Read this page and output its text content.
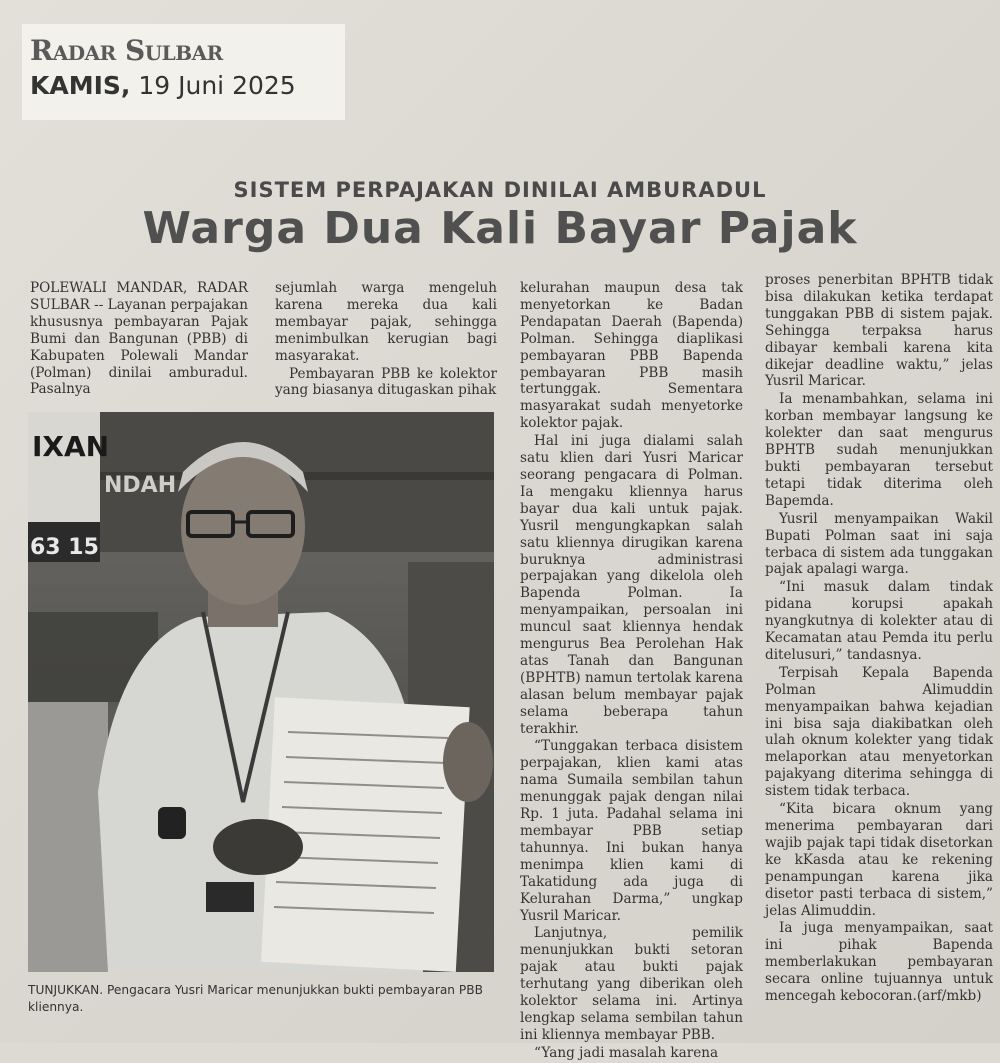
Radar Sulbar
KAMIS, 19 Juni 2025
SISTEM PERPAJAKAN DINILAI AMBURADUL
Warga Dua Kali Bayar Pajak

POLEWALI MANDAR, RADAR SULBAR -- Layanan perpajakan khususnya pembayaran Pajak Bumi dan Bangunan (PBB) di Kabupaten Polewali Mandar (Polman) dinilai amburadul. Pasalnya

sejumlah warga mengeluh karena mereka dua kali membayar pajak, sehingga menimbulkan kerugian bagi masyarakat.

Pembayaran PBB ke kolektor yang biasanya ditugaskan pihak

kelurahan maupun desa tak menyetorkan ke Badan Pendapatan Daerah (Bapenda) Polman. Sehingga diaplikasi pembayaran PBB Bapenda pembayaran PBB masih tertunggak. Sementara masyarakat sudah menyetorke kolektor pajak.

Hal ini juga dialami salah satu klien dari Yusri Maricar seorang pengacara di Polman. Ia mengaku kliennya harus bayar dua kali untuk pajak. Yusril mengungkapkan salah satu kliennya dirugikan karena buruknya administrasi perpajakan yang dikelola oleh Bapenda Polman. Ia menyampaikan, persoalan ini muncul saat kliennya hendak mengurus Bea Perolehan Hak atas Tanah dan Bangunan (BPHTB) namun tertolak karena alasan belum membayar pajak selama beberapa tahun terakhir.

“Tunggakan terbaca disistem perpajakan, klien kami atas nama Sumaila sembilan tahun menunggak pajak dengan nilai Rp. 1 juta. Padahal selama ini membayar PBB setiap tahunnya. Ini bukan hanya menimpa klien kami di Takatidung ada juga di Kelurahan Darma,” ungkap Yusril Maricar.

Lanjutnya, pemilik menunjukkan bukti setoran pajak atau bukti pajak terhutang yang diberikan oleh kolektor selama ini. Artinya lengkap selama sembilan tahun ini kliennya membayar PBB.

“Yang jadi masalah karena

proses penerbitan BPHTB tidak bisa dilakukan ketika terdapat tunggakan PBB di sistem pajak. Sehingga terpaksa harus dibayar kembali karena kita dikejar deadline waktu,” jelas Yusril Maricar.

Ia menambahkan, selama ini korban membayar langsung ke kolekter dan saat mengurus BPHTB sudah menunjukkan bukti pembayaran tersebut tetapi tidak diterima oleh Bapemda.

Yusril menyampaikan Wakil Bupati Polman saat ini saja terbaca di sistem ada tunggakan pajak apalagi warga.

“Ini masuk dalam tindak pidana korupsi apakah nyangkutnya di kolekter atau di Kecamatan atau Pemda itu perlu ditelusuri,” tandasnya.

Terpisah Kepala Bapenda Polman Alimuddin menyampaikan bahwa kejadian ini bisa saja diakibatkan oleh ulah oknum kolekter yang tidak melaporkan atau menyetorkan pajakyang diterima sehingga di sistem tidak terbaca.

“Kita bicara oknum yang menerima pembayaran dari wajib pajak tapi tidak disetorkan ke kKasda atau ke rekening penampungan karena jika disetor pasti terbaca di sistem,” jelas Alimuddin.

Ia juga menyampaikan, saat ini pihak Bapenda memberlakukan pembayaran secara online tujuannya untuk mencegah kebocoran.(arf/mkb)

IXAN
63 15
NDAH
TUNJUKKAN. Pengacara Yusri Maricar menunjukkan bukti pembayaran PBB kliennya.
